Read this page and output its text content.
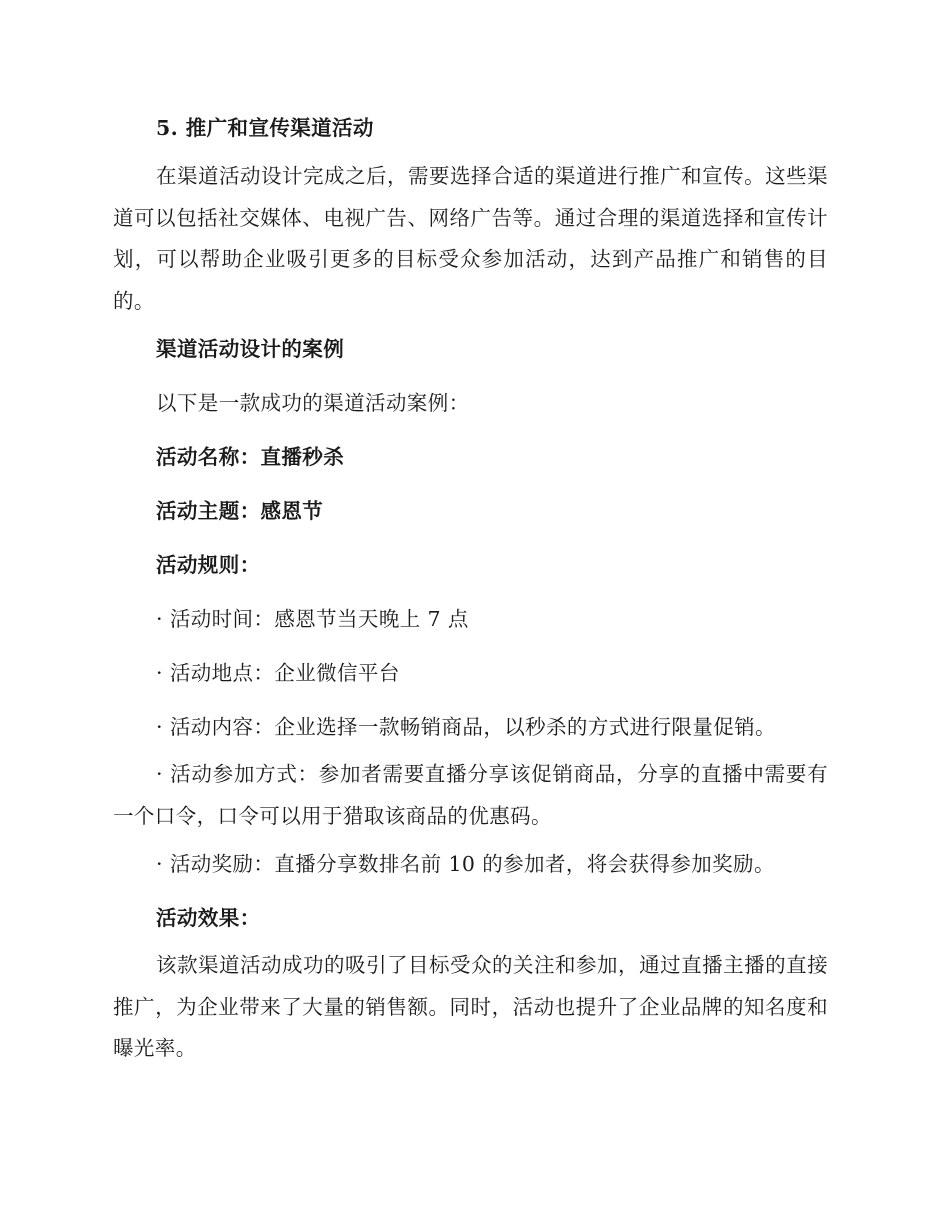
5. 推广和宣传渠道活动

在渠道活动设计完成之后，需要选择合适的渠道进行推广和宣传。这些渠道可以包括社交媒体、电视广告、网络广告等。通过合理的渠道选择和宣传计划，可以帮助企业吸引更多的目标受众参加活动，达到产品推广和销售的目的。

渠道活动设计的案例

以下是一款成功的渠道活动案例：

活动名称：直播秒杀

活动主题：感恩节

活动规则：

· 活动时间：感恩节当天晚上 7 点

· 活动地点：企业微信平台

· 活动内容：企业选择一款畅销商品，以秒杀的方式进行限量促销。

· 活动参加方式：参加者需要直播分享该促销商品，分享的直播中需要有一个口令，口令可以用于猎取该商品的优惠码。

· 活动奖励：直播分享数排名前 10 的参加者，将会获得参加奖励。

活动效果：

该款渠道活动成功的吸引了目标受众的关注和参加，通过直播主播的直接推广，为企业带来了大量的销售额。同时，活动也提升了企业品牌的知名度和曝光率。
